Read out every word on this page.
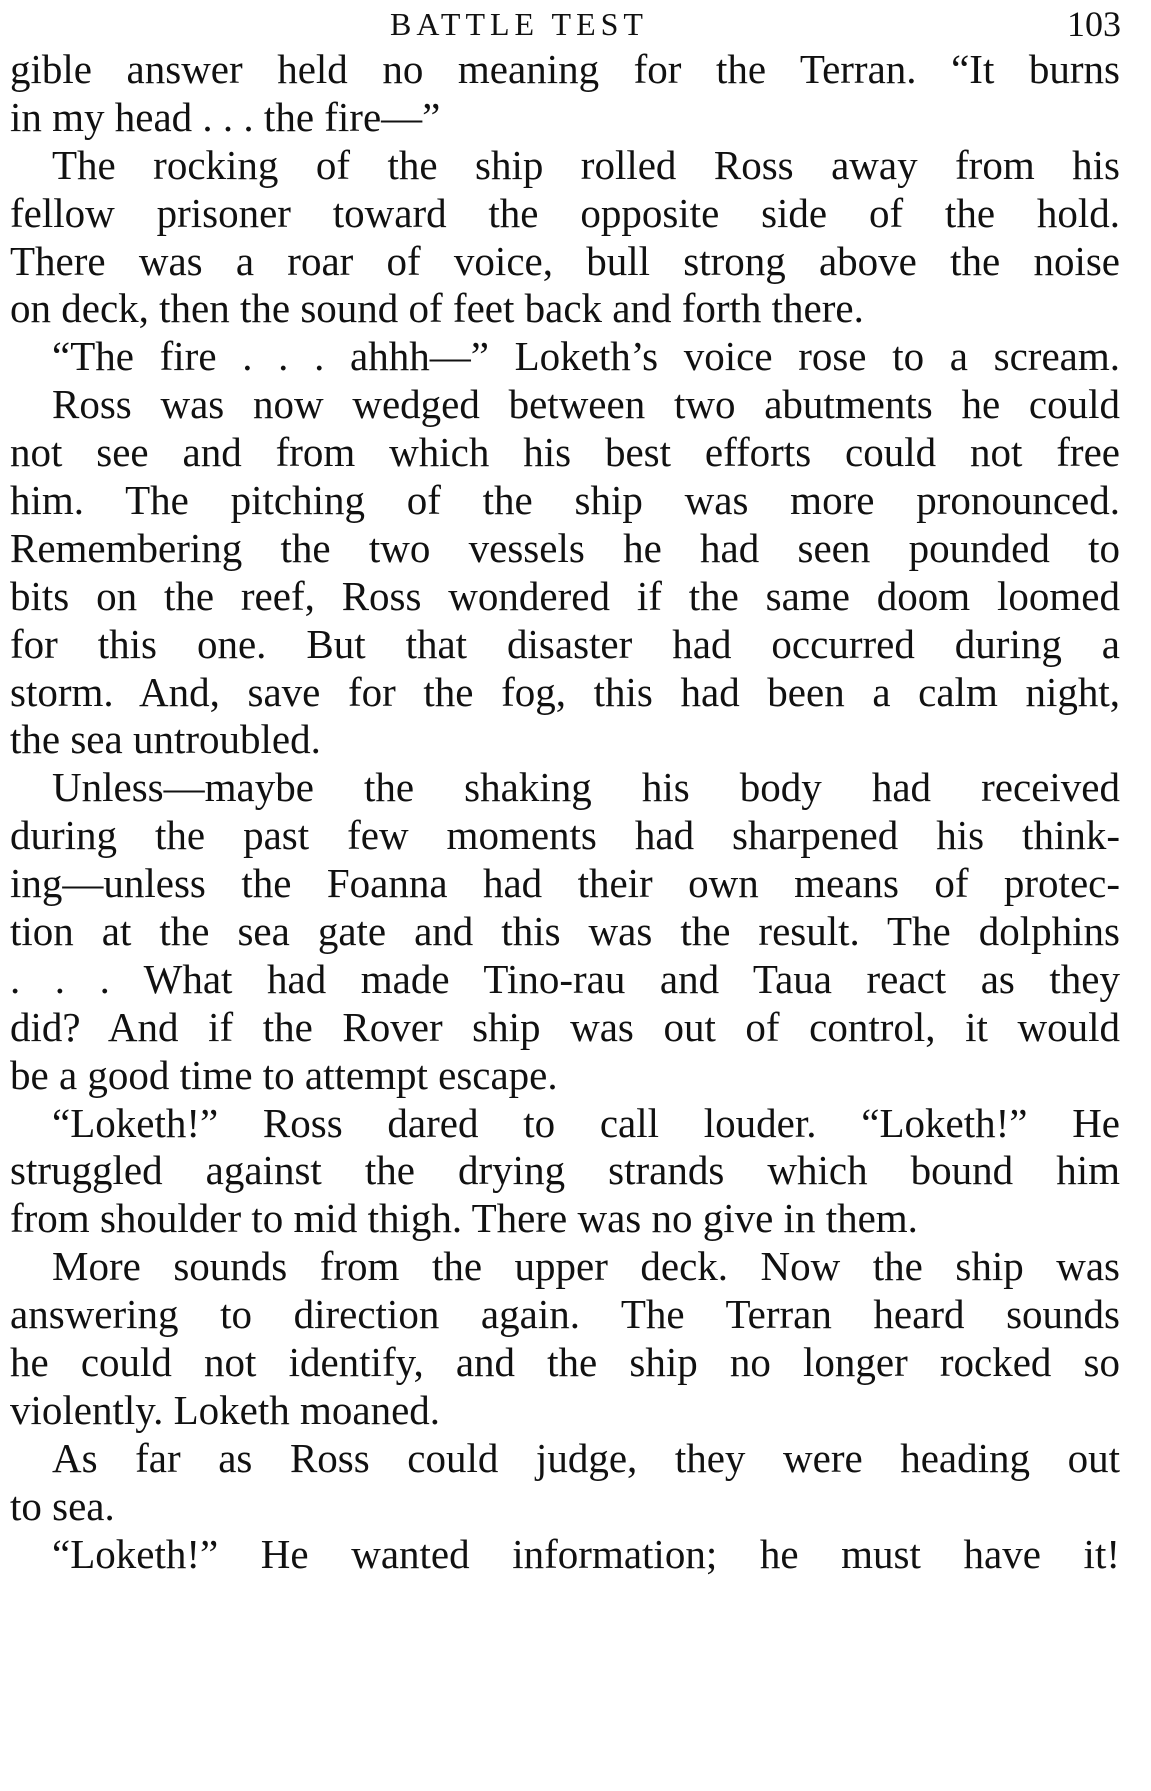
BATTLE TEST	103
gible answer held no meaning for the Terran. “It burns
in my head . . . the fire—”
The rocking of the ship rolled Ross away from his
fellow prisoner toward the opposite side of the hold.
There was a roar of voice, bull strong above the noise
on deck, then the sound of feet back and forth there.
“The fire . . . ahhh—” Loketh’s voice rose to a scream.
Ross was now wedged between two abutments he could
not see and from which his best efforts could not free
him. The pitching of the ship was more pronounced.
Remembering the two vessels he had seen pounded to
bits on the reef, Ross wondered if the same doom loomed
for this one. But that disaster had occurred during a
storm. And, save for the fog, this had been a calm night,
the sea untroubled.
Unless—maybe the shaking his body had received
during the past few moments had sharpened his think-
ing—unless the Foanna had their own means of protec-
tion at the sea gate and this was the result. The dolphins
. . . What had made Tino-rau and Taua react as they
did? And if the Rover ship was out of control, it would
be a good time to attempt escape.
“Loketh!” Ross dared to call louder. “Loketh!” He
struggled against the drying strands which bound him
from shoulder to mid thigh. There was no give in them.
More sounds from the upper deck. Now the ship was
answering to direction again. The Terran heard sounds
he could not identify, and the ship no longer rocked so
violently. Loketh moaned.
As far as Ross could judge, they were heading out
to sea.
“Loketh!” He wanted information; he must have it!
